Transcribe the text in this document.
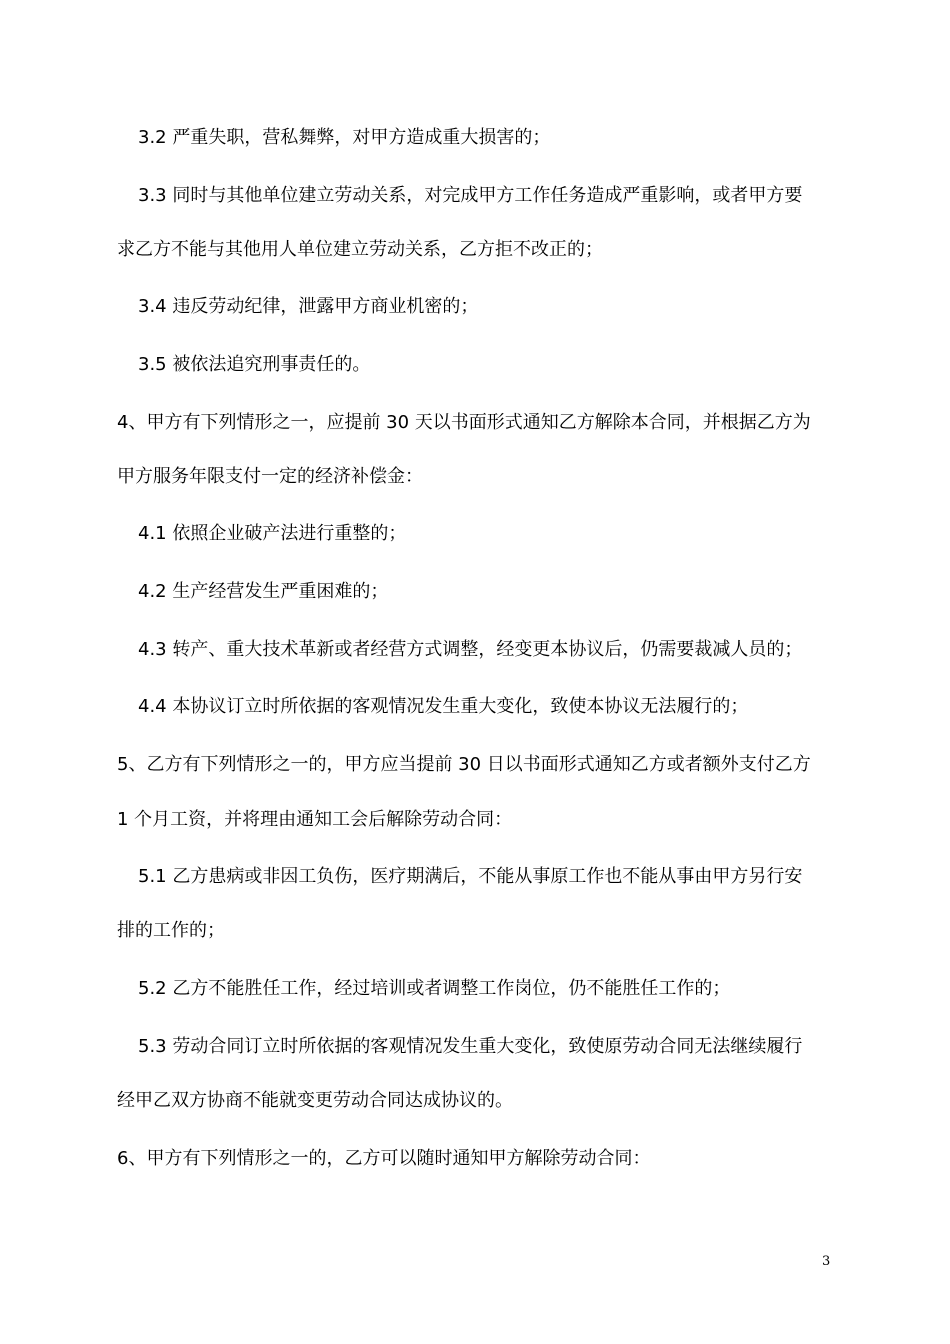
3.2 严重失职，营私舞弊，对甲方造成重大损害的；
3.3 同时与其他单位建立劳动关系，对完成甲方工作任务造成严重影响，或者甲方要
求乙方不能与其他用人单位建立劳动关系，乙方拒不改正的；
3.4 违反劳动纪律，泄露甲方商业机密的；
3.5 被依法追究刑事责任的。
4、甲方有下列情形之一，应提前 30 天以书面形式通知乙方解除本合同，并根据乙方为
甲方服务年限支付一定的经济补偿金：
4.1 依照企业破产法进行重整的；
4.2 生产经营发生严重困难的；
4.3 转产、重大技术革新或者经营方式调整，经变更本协议后，仍需要裁减人员的；
4.4 本协议订立时所依据的客观情况发生重大变化，致使本协议无法履行的；
5、乙方有下列情形之一的，甲方应当提前 30 日以书面形式通知乙方或者额外支付乙方
1 个月工资，并将理由通知工会后解除劳动合同：
5.1 乙方患病或非因工负伤，医疗期满后，不能从事原工作也不能从事由甲方另行安
排的工作的；
5.2 乙方不能胜任工作，经过培训或者调整工作岗位，仍不能胜任工作的；
5.3 劳动合同订立时所依据的客观情况发生重大变化，致使原劳动合同无法继续履行
经甲乙双方协商不能就变更劳动合同达成协议的。
6、甲方有下列情形之一的，乙方可以随时通知甲方解除劳动合同：
3
